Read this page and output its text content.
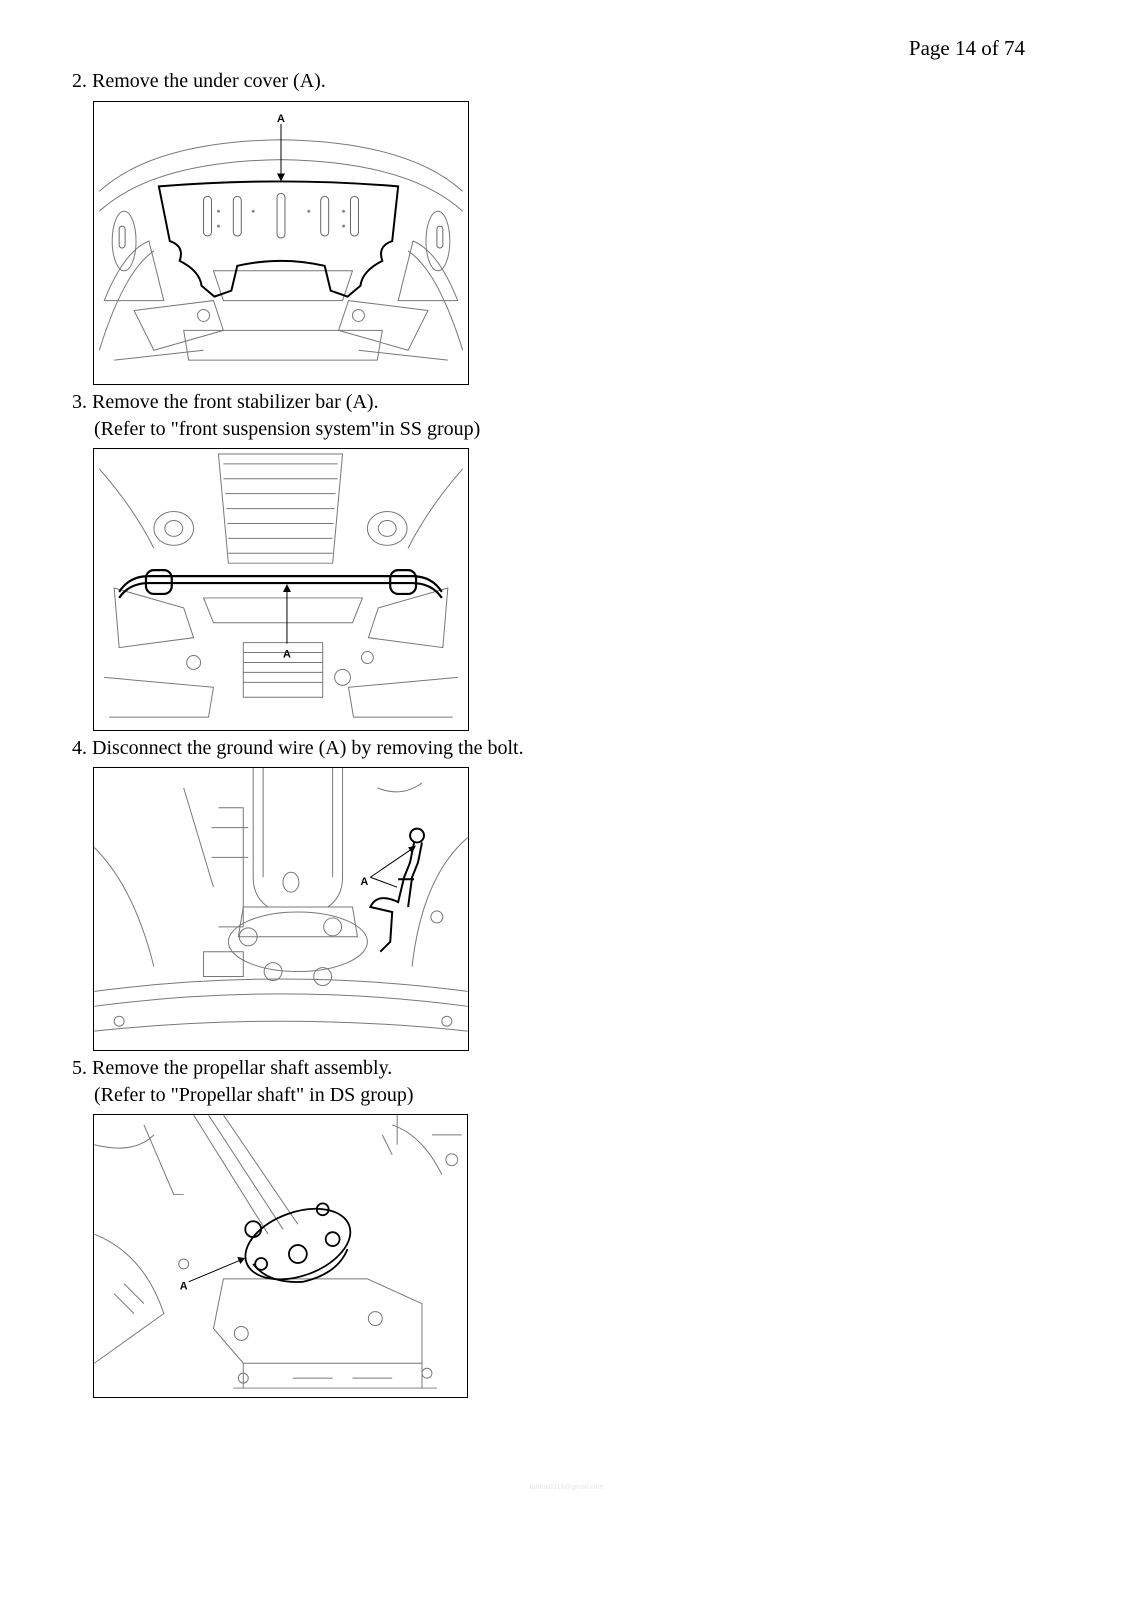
Page 14 of 74
2. Remove the under cover (A).
A
3. Remove the front stabilizer bar (A).
(Refer to "front suspension system"in SS group)
A
4. Disconnect the ground wire (A) by removing the bolt.
A
5. Remove the propellar shaft assembly.
(Refer to "Propellar shaft" in DS group)
A
tommi0318@gmail.com
